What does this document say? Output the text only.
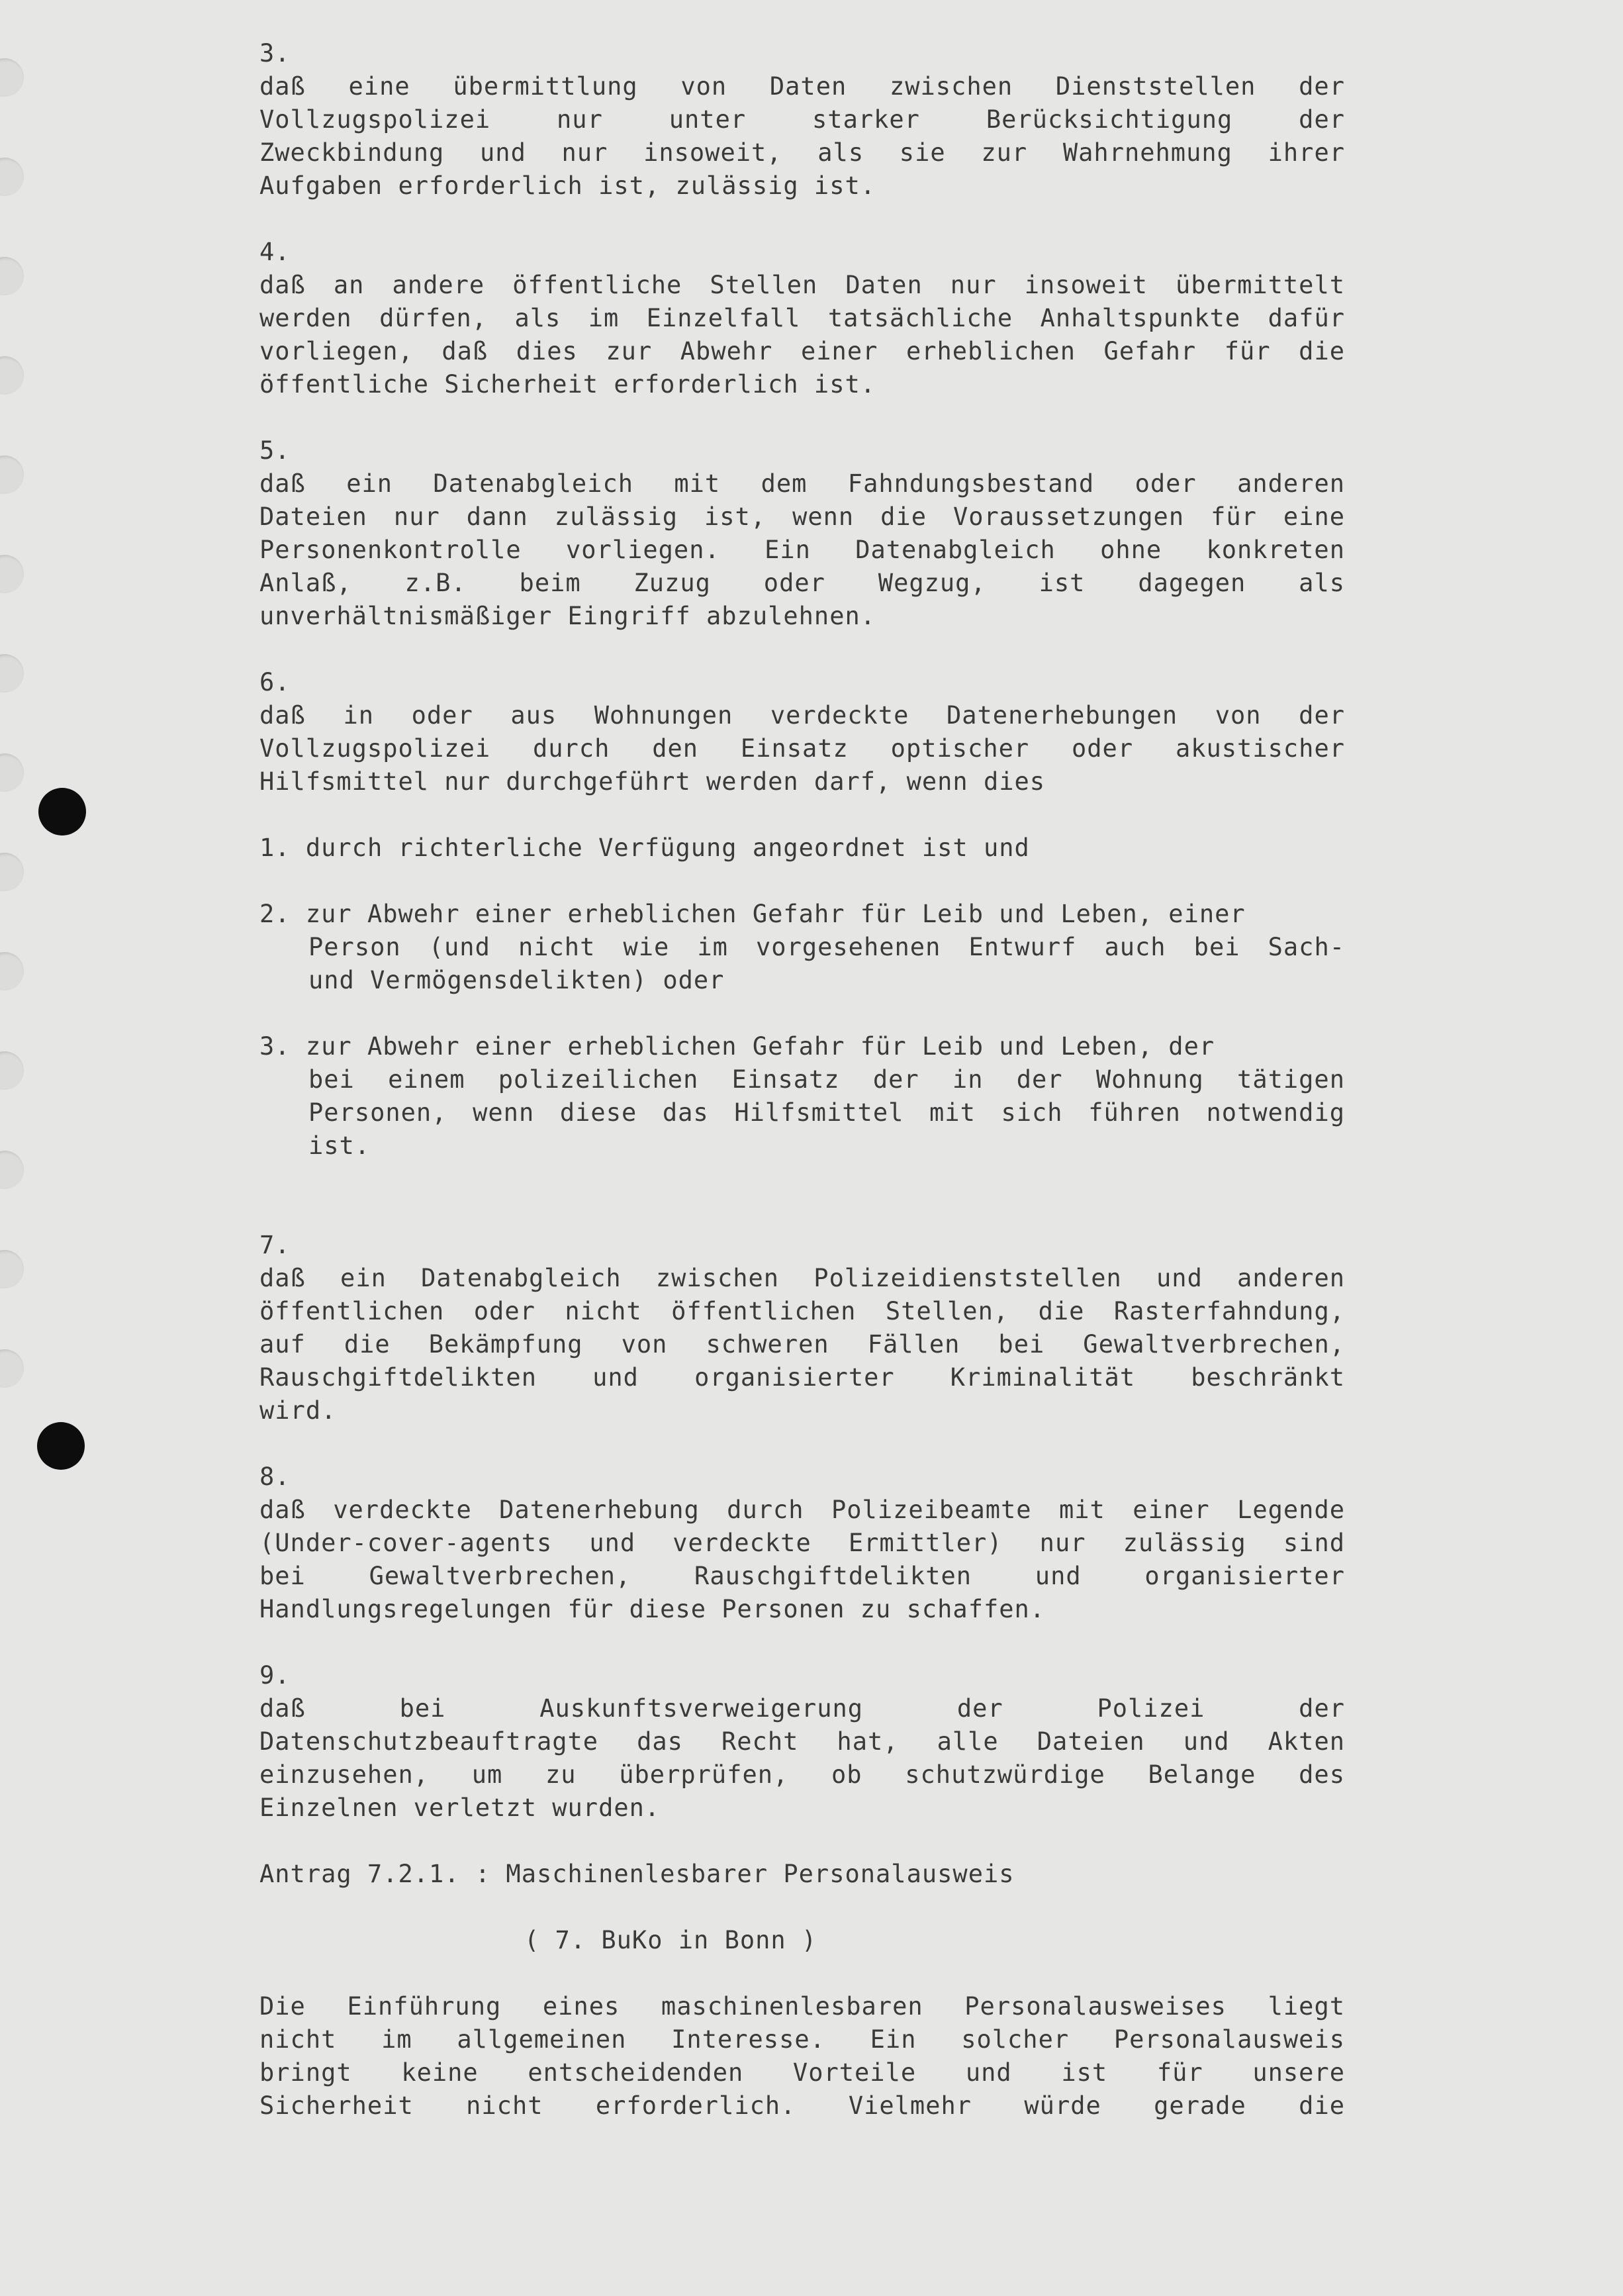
3.
daß eine übermittlung von Daten zwischen Dienststellen der
Vollzugspolizei nur unter starker Berücksichtigung der
Zweckbindung und nur insoweit, als sie zur Wahrnehmung ihrer
Aufgaben erforderlich ist, zulässig ist.
4.
daß an andere öffentliche Stellen Daten nur insoweit übermittelt
werden dürfen, als im Einzelfall tatsächliche Anhaltspunkte dafür
vorliegen, daß dies zur Abwehr einer erheblichen Gefahr für die
öffentliche Sicherheit erforderlich ist.
5.
daß ein Datenabgleich mit dem Fahndungsbestand oder anderen
Dateien nur dann zulässig ist, wenn die Voraussetzungen für eine
Personenkontrolle vorliegen. Ein Datenabgleich ohne konkreten
Anlaß, z.B. beim Zuzug oder Wegzug, ist dagegen als
unverhältnismäßiger Eingriff abzulehnen.
6.
daß in oder aus Wohnungen verdeckte Datenerhebungen von der
Vollzugspolizei durch den Einsatz optischer oder akustischer
Hilfsmittel nur durchgeführt werden darf, wenn dies
1. durch richterliche Verfügung angeordnet ist und
2. zur Abwehr einer erheblichen Gefahr für Leib und Leben, einer
Person (und nicht wie im vorgesehenen Entwurf auch bei Sach-
und Vermögensdelikten) oder
3. zur Abwehr einer erheblichen Gefahr für Leib und Leben, der
bei einem polizeilichen Einsatz der in der Wohnung tätigen
Personen, wenn diese das Hilfsmittel mit sich führen notwendig
ist.
7.
daß ein Datenabgleich zwischen Polizeidienststellen und anderen
öffentlichen oder nicht öffentlichen Stellen, die Rasterfahndung,
auf die Bekämpfung von schweren Fällen bei Gewaltverbrechen,
Rauschgiftdelikten und organisierter Kriminalität beschränkt
wird.
8.
daß verdeckte Datenerhebung durch Polizeibeamte mit einer Legende
(Under-cover-agents und verdeckte Ermittler) nur zulässig sind
bei Gewaltverbrechen, Rauschgiftdelikten und organisierter
Handlungsregelungen für diese Personen zu schaffen.
9.
daß bei Auskunftsverweigerung der Polizei der
Datenschutzbeauftragte das Recht hat, alle Dateien und Akten
einzusehen, um zu überprüfen, ob schutzwürdige Belange des
Einzelnen verletzt wurden.
Antrag 7.2.1. : Maschinenlesbarer Personalausweis
( 7. BuKo in Bonn )
Die Einführung eines maschinenlesbaren Personalausweises liegt
nicht im allgemeinen Interesse. Ein solcher Personalausweis
bringt keine entscheidenden Vorteile und ist für unsere
Sicherheit nicht erforderlich. Vielmehr würde gerade die
